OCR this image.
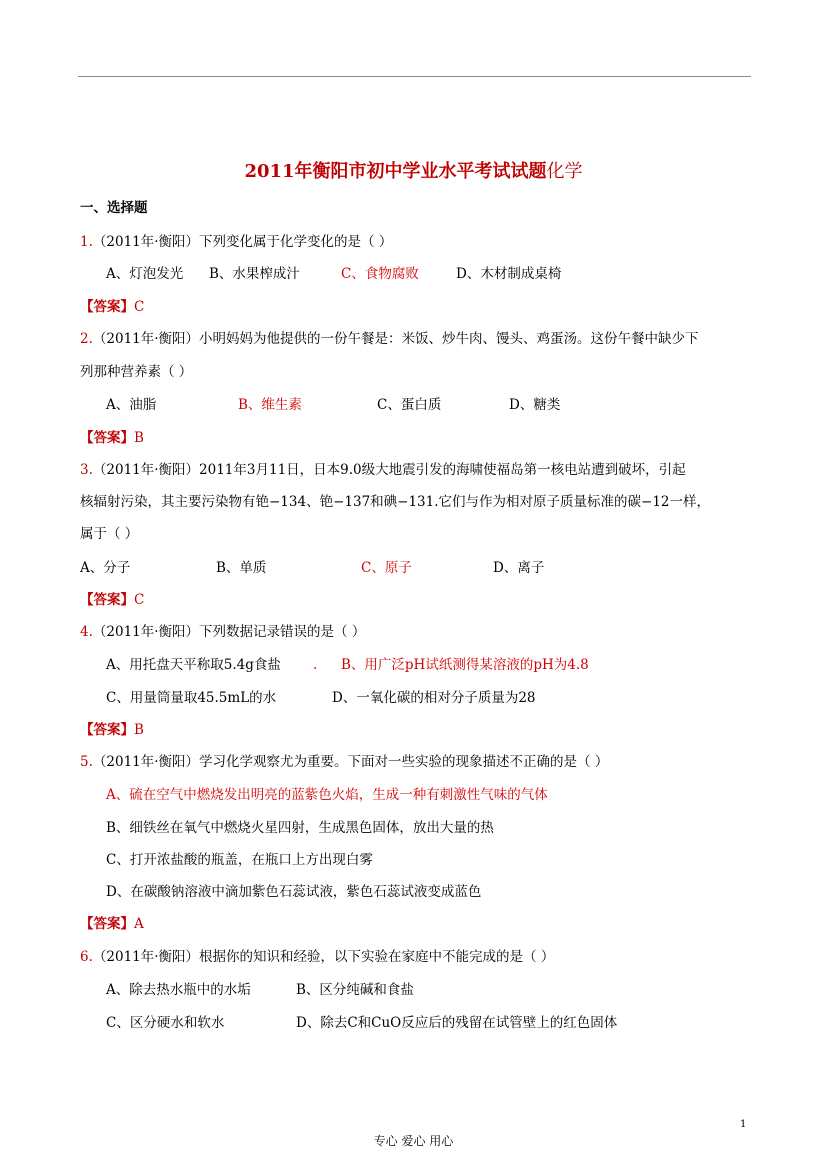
2011年衡阳市初中学业水平考试试题化学
一、选择题
1.（2011年·衡阳）下列变化属于化学变化的是（ ）
A、灯泡发光 B、水果榨成汁	C、食物腐败	D、木材制成桌椅
【答案】C
2.（2011年·衡阳）小明妈妈为他提供的一份午餐是：米饭、炒牛肉、馒头、鸡蛋汤。这份午餐中缺少下
列那种营养素（ ）
A、油脂	B、维生素	C、蛋白质	D、糖类
【答案】B
3.（2011年·衡阳）2011年3月11日，日本9.0级大地震引发的海啸使福岛第一核电站遭到破坏，引起
核辐射污染，其主要污染物有铯−134、铯−137和碘−131.它们与作为相对原子质量标准的碳−12一样，
属于（ ）
A、分子	B、单质	C、原子	D、离子
【答案】C
4.（2011年·衡阳）下列数据记录错误的是（ ）
A、用托盘天平称取5.4g食盐 . B、用广泛pH试纸测得某溶液的pH为4.8
C、用量筒量取45.5mL的水	D、一氧化碳的相对分子质量为28
【答案】B
5.（2011年·衡阳）学习化学观察尤为重要。下面对一些实验的现象描述不正确的是（ ）
A、硫在空气中燃烧发出明亮的蓝紫色火焰，生成一种有刺激性气味的气体
B、细铁丝在氧气中燃烧火星四射，生成黑色固体，放出大量的热
C、打开浓盐酸的瓶盖，在瓶口上方出现白雾
D、在碳酸钠溶液中滴加紫色石蕊试液，紫色石蕊试液变成蓝色
【答案】A
6.（2011年·衡阳）根据你的知识和经验，以下实验在家庭中不能完成的是（ ）
A、除去热水瓶中的水垢	B、区分纯碱和食盐
C、区分硬水和软水	D、除去C和CuO反应后的残留在试管壁上的红色固体
专心 爱心 用心
1
